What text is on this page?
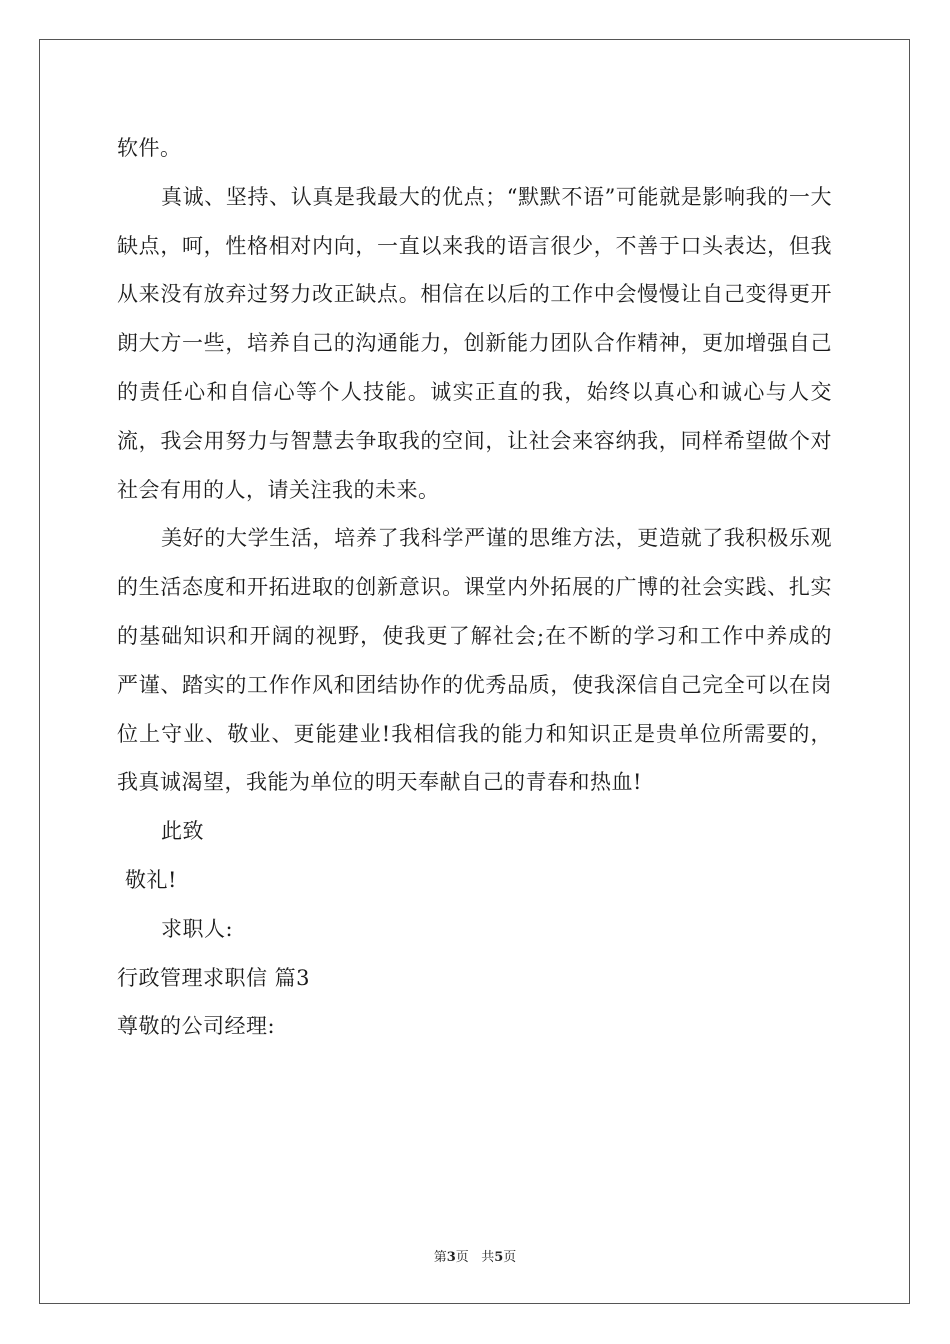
软件。

真诚、坚持、认真是我最大的优点；“默默不语”可能就是影响我的一大缺点，呵，性格相对内向，一直以来我的语言很少，不善于口头表达，但我从来没有放弃过努力改正缺点。相信在以后的工作中会慢慢让自己变得更开朗大方一些，培养自己的沟通能力，创新能力团队合作精神，更加增强自己的责任心和自信心等个人技能。诚实正直的我，始终以真心和诚心与人交流，我会用努力与智慧去争取我的空间，让社会来容纳我，同样希望做个对社会有用的人，请关注我的未来。

美好的大学生活，培养了我科学严谨的思维方法，更造就了我积极乐观的生活态度和开拓进取的创新意识。课堂内外拓展的广博的社会实践、扎实的基础知识和开阔的视野，使我更了解社会;在不断的学习和工作中养成的严谨、踏实的工作作风和团结协作的优秀品质，使我深信自己完全可以在岗位上守业、敬业、更能建业!我相信我的能力和知识正是贵单位所需要的，我真诚渴望，我能为单位的明天奉献自己的青春和热血!

此致

敬礼!

求职人:

行政管理求职信 篇3

尊敬的公司经理:

第3页 共5页
